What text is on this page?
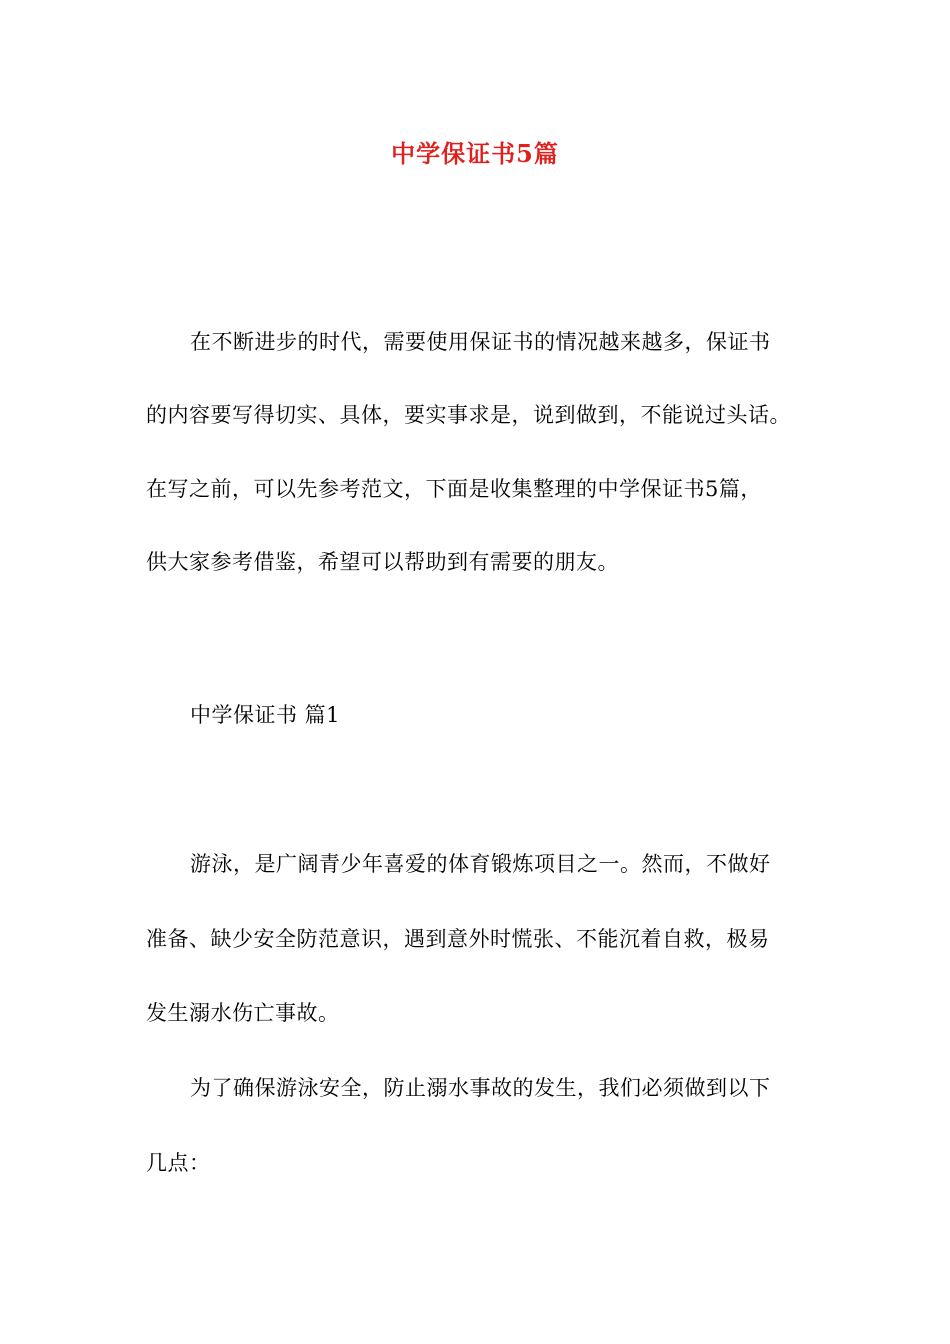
中学保证书5篇
在不断进步的时代，需要使用保证书的情况越来越多，保证书
的内容要写得切实、具体，要实事求是，说到做到，不能说过头话。
在写之前，可以先参考范文，下面是收集整理的中学保证书5篇，
供大家参考借鉴，希望可以帮助到有需要的朋友。
中学保证书 篇1
游泳，是广阔青少年喜爱的体育锻炼项目之一。然而，不做好
准备、缺少安全防范意识，遇到意外时慌张、不能沉着自救，极易
发生溺水伤亡事故。
为了确保游泳安全，防止溺水事故的发生，我们必须做到以下
几点：
